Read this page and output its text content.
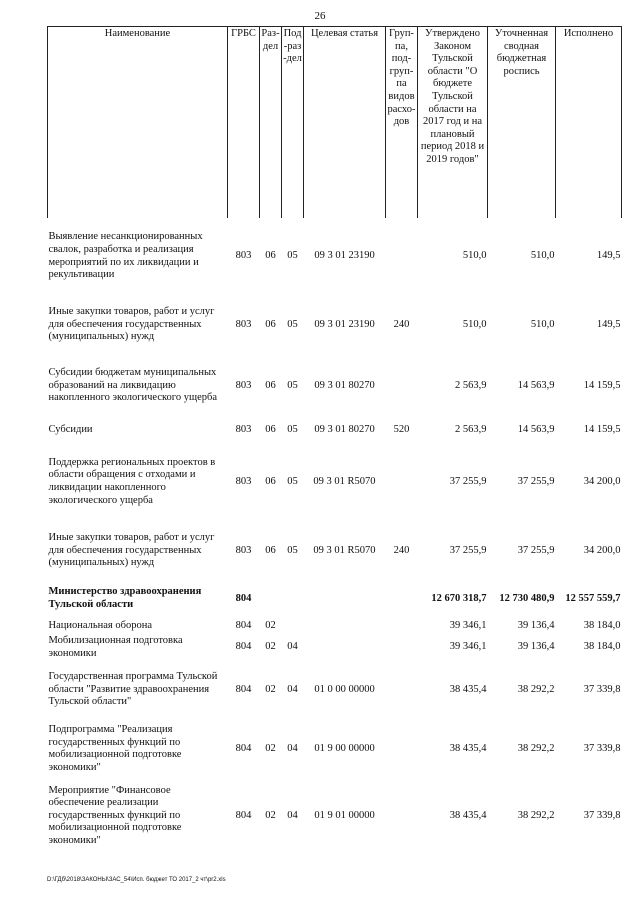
26
Наименование	ГРБС	Раз-дел	Под-раз-дел	Целевая статья	Груп-па, под-груп-па видов расхо-дов	Утверждено Законом Тульской области "О бюджете Тульской области на 2017 год и на плановый период 2018 и 2019 годов"	Уточненная сводная бюджетная роспись	Исполнено
Выявление несанкционированных свалок, разработка и реализация мероприятий по их ликвидации и рекультивации	803	06	05	09 3 01 23190		510,0	510,0	149,5
Иные закупки товаров, работ и услуг для обеспечения государственных (муниципальных) нужд	803	06	05	09 3 01 23190	240	510,0	510,0	149,5
Субсидии бюджетам муниципальных образований на ликвидацию накопленного экологического ущерба	803	06	05	09 3 01 80270		2 563,9	14 563,9	14 159,5
Субсидии	803	06	05	09 3 01 80270	520	2 563,9	14 563,9	14 159,5
Поддержка региональных проектов в области обращения с отходами и ликвидации накопленного экологического ущерба	803	06	05	09 3 01 R5070		37 255,9	37 255,9	34 200,0
Иные закупки товаров, работ и услуг для обеспечения государственных (муниципальных) нужд	803	06	05	09 3 01 R5070	240	37 255,9	37 255,9	34 200,0
Министерство здравоохранения Тульской области	804					12 670 318,7	12 730 480,9	12 557 559,7
Национальная оборона	804	02				39 346,1	39 136,4	38 184,0
Мобилизационная подготовка экономики	804	02	04			39 346,1	39 136,4	38 184,0
Государственная программа Тульской области "Развитие здравоохранения Тульской области"	804	02	04	01 0 00 00000		38 435,4	38 292,2	37 339,8
Подпрограмма "Реализация государственных функций по мобилизационной подготовке экономики"	804	02	04	01 9 00 00000		38 435,4	38 292,2	37 339,8
Мероприятие "Финансовое обеспечение реализации государственных функций по мобилизационной подготовке экономики"	804	02	04	01 9 01 00000		38 435,4	38 292,2	37 339,8
D:\ГДб\2018\ЗАКОНЫ\ЗАС_54\Исп. бюджет ТО 2017_2 чт\pr2.xls
